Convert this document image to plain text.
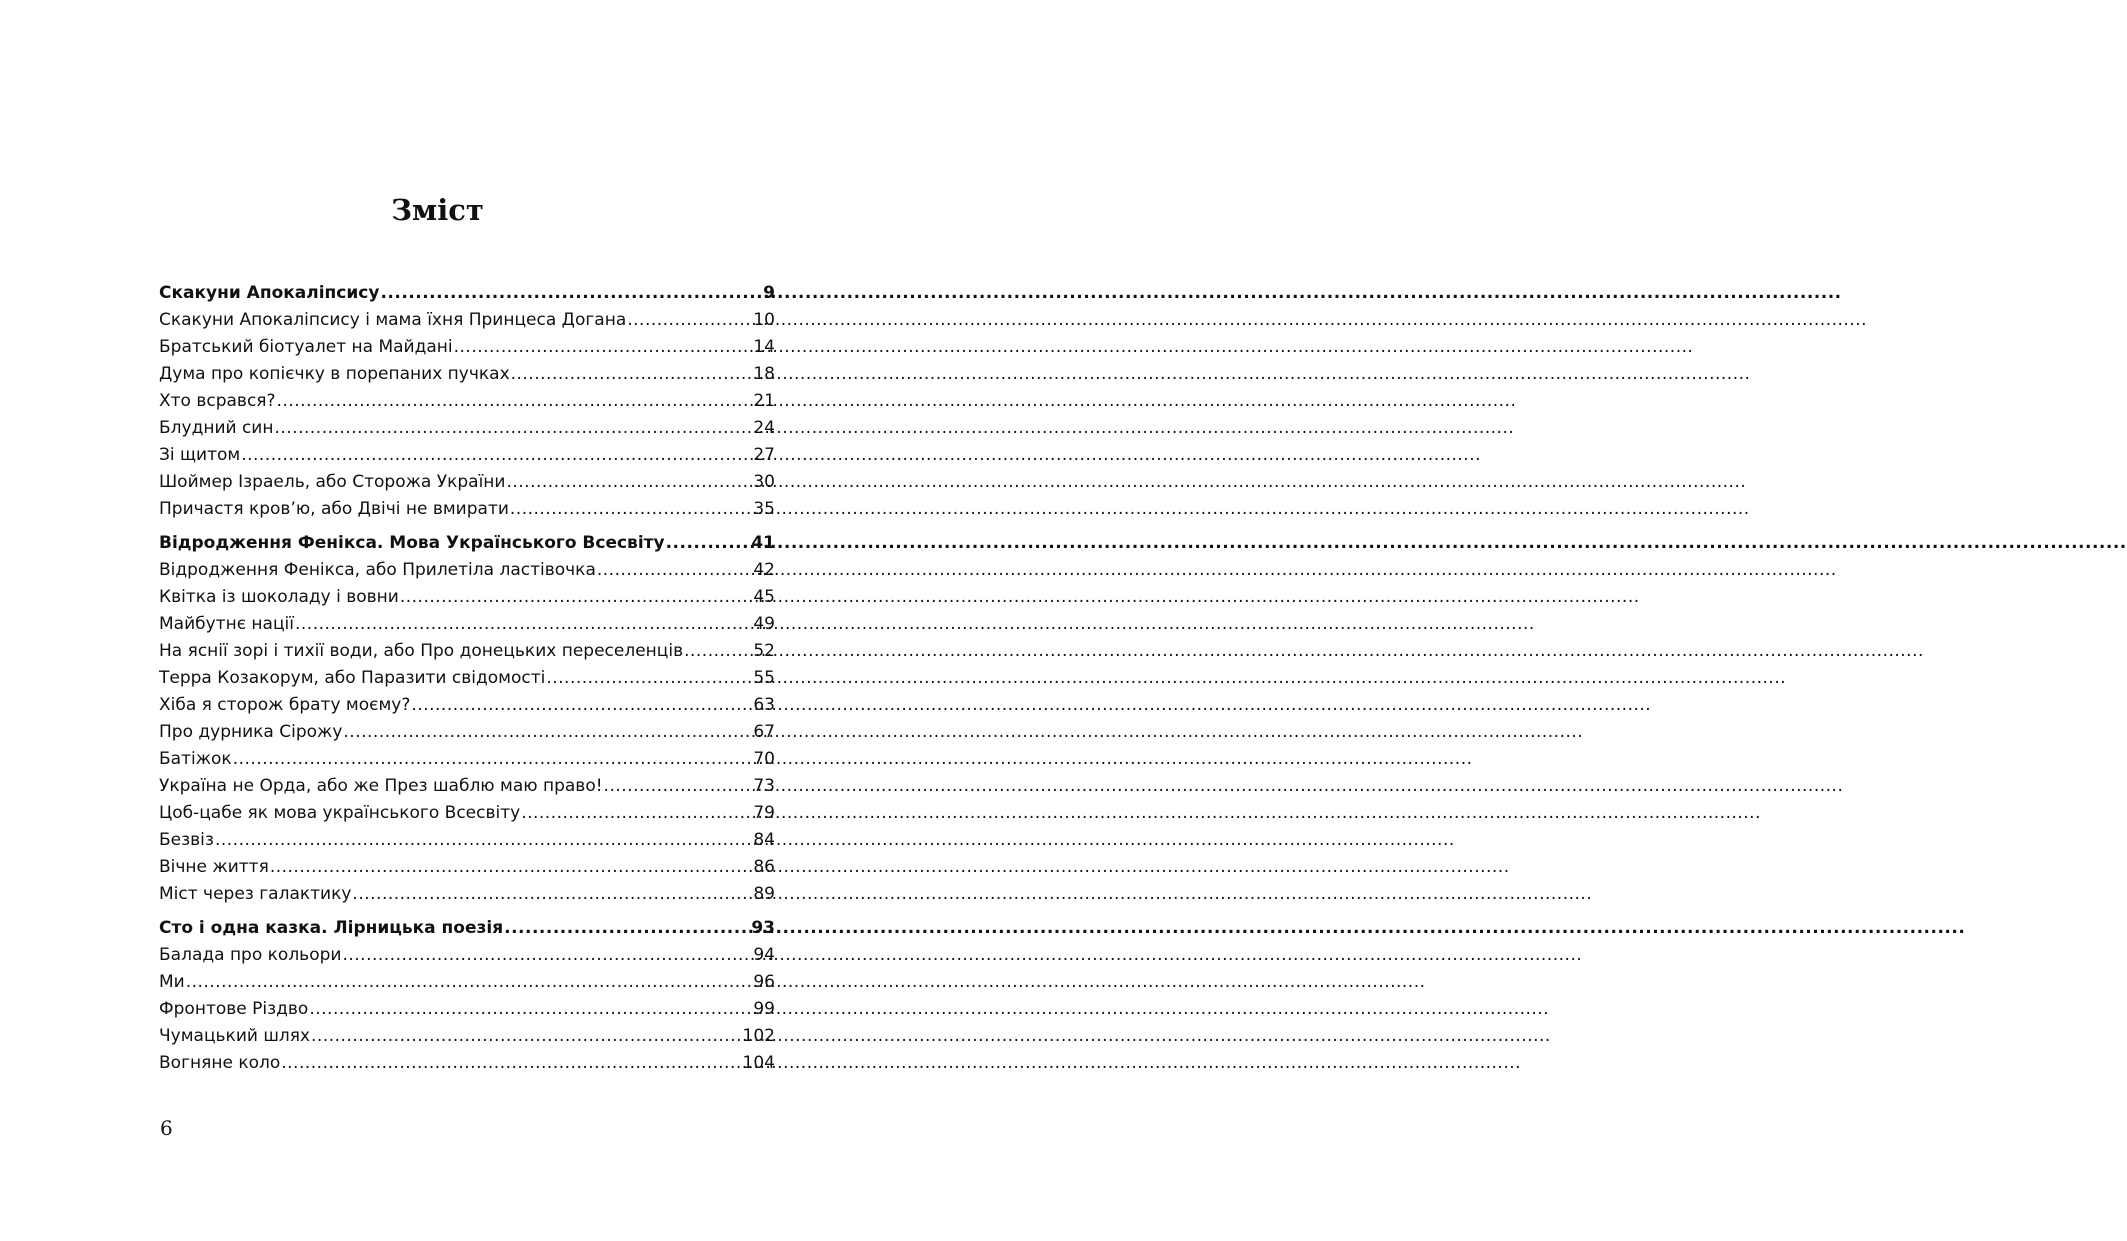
Зміст
Скакуни Апокаліпсису .....	9
Скакуни Апокаліпсису і мама їхня Принцеса Догана .....	10
Братський біотуалет на Майдані .....	14
Дума про копієчку в порепаних пучках .....	18
Хто всрався? .....	21
Блудний син .....	24
Зі щитом .....	27
Шоймер Ізраель, або Сторожа України .....	30
Причастя кров’ю, або Двічі не вмирати .....	35
Відродження Фенікса. Мова Українського Всесвіту .....	41
Відродження Фенікса, або Прилетіла ластівочка .....	42
Квітка із шоколаду і вовни .....	45
Майбутнє нації .....	49
На яснії зорі і тихії води, або Про донецьких переселенців .....	52
Терра Козакорум, або Паразити свідомості .....	55
Хіба я сторож брату моєму? .....	63
Про дурника Сірожу .....	67
Батіжок .....	70
Україна не Орда, або же През шаблю маю право! .....	73
Цоб-цабе як мова українського Всесвіту .....	79
Безвіз .....	84
Вічне життя .....	86
Міст через галактику .....	89
Сто і одна казка. Лірницька поезія .....	93
Балада про кольори .....	94
Ми .....	96
Фронтове Різдво .....	99
Чумацький шлях .....	102
Вогняне коло .....	104
6
